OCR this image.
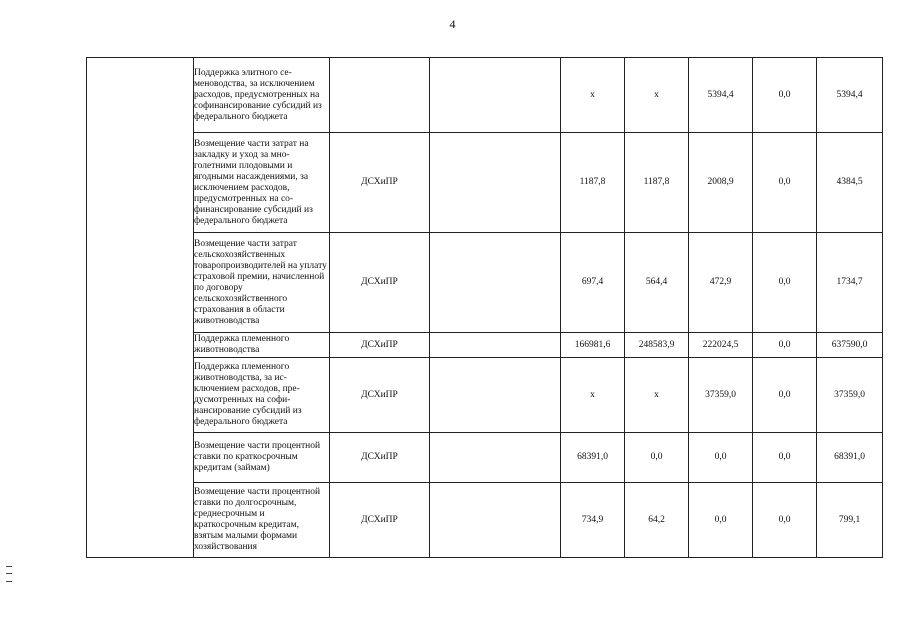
4
	Поддержка элитного семеноводства, за исключением расходов, предусмотренных на софинансирование субсидий из федерального бюджета			х	х	5394,4	0,0	5394,4
	Возмещение части затрат на закладку и уход за многолетними плодовыми и ягодными насаждениями, за исключением расходов, предусмотренных на софинансирование субсидий из федерального бюджета	ДСХиПР		1187,8	1187,8	2008,9	0,0	4384,5
	Возмещение части затрат сельскохозяйственных товаропроизводителей на уплату страховой премии, начисленной по договору сельскохозяйственного страхования в области животноводства	ДСХиПР		697,4	564,4	472,9	0,0	1734,7
	Поддержка племенного животноводства	ДСХиПР		166981,6	248583,9	222024,5	0,0	637590,0
	Поддержка племенного животноводства, за исключением расходов, предусмотренных на софинансирование субсидий из федерального бюджета	ДСХиПР		х	х	37359,0	0,0	37359,0
	Возмещение части процентной ставки по краткосрочным кредитам (займам)	ДСХиПР		68391,0	0,0	0,0	0,0	68391,0
	Возмещение части процентной ставки по долгосрочным, среднесрочным и краткосрочным кредитам, взятым малыми формами хозяйствования	ДСХиПР		734,9	64,2	0,0	0,0	799,1
